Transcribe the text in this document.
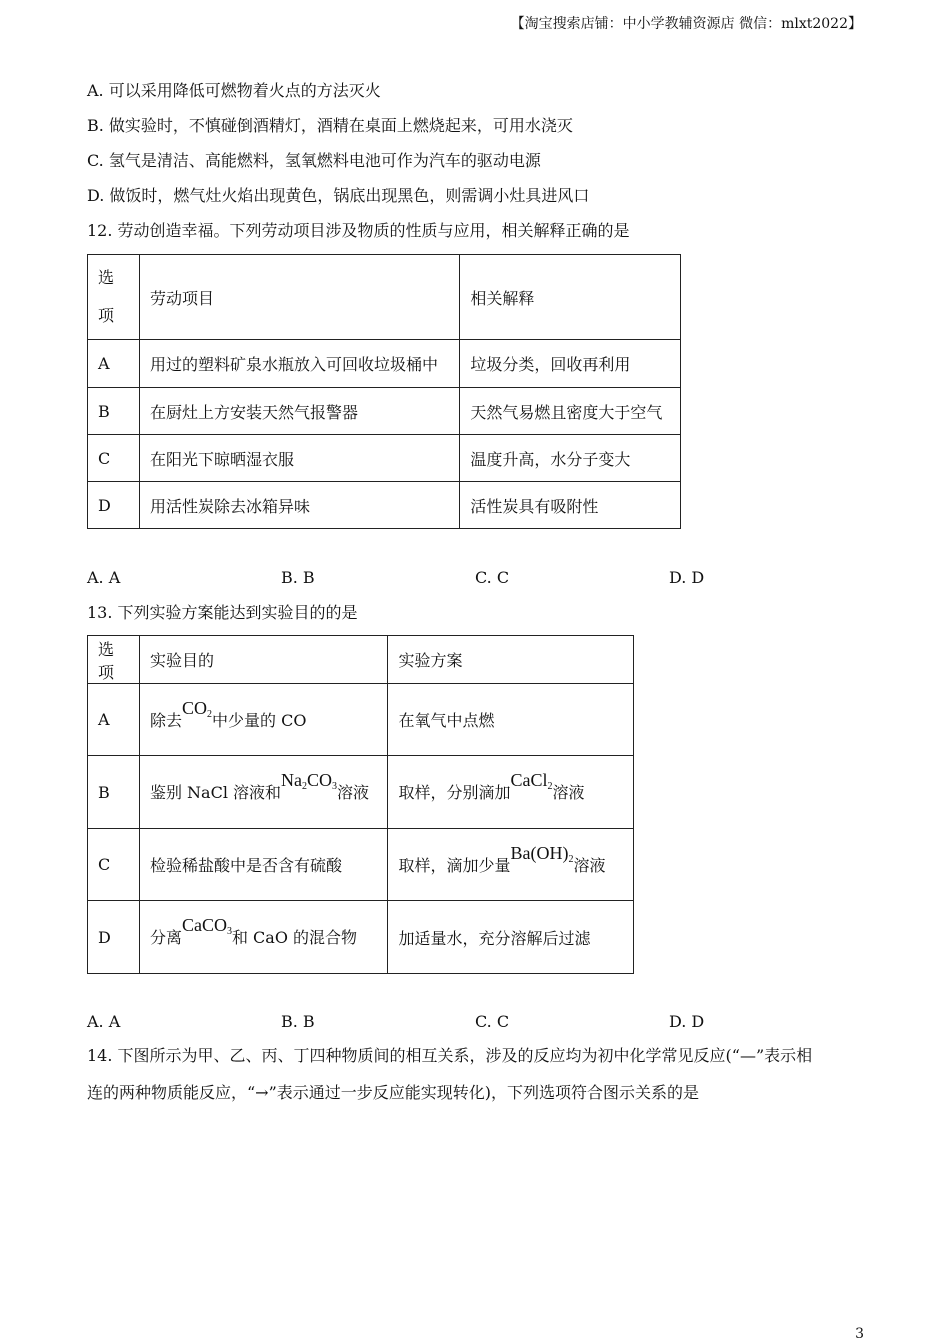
【淘宝搜索店铺：中小学教辅资源店 微信：mlxt2022】
A. 可以采用降低可燃物着火点的方法灭火
B. 做实验时，不慎碰倒酒精灯，酒精在桌面上燃烧起来，可用水浇灭
C. 氢气是清洁、高能燃料，氢氧燃料电池可作为汽车的驱动电源
D. 做饭时，燃气灶火焰出现黄色，锅底出现黑色，则需调小灶具进风口
12. 劳动创造幸福。下列劳动项目涉及物质的性质与应用，相关解释正确的是
选
项	劳动项目	相关解释
A	用过的塑料矿泉水瓶放入可回收垃圾桶中	垃圾分类，回收再利用
B	在厨灶上方安装天然气报警器	天然气易燃且密度大于空气
C	在阳光下晾晒湿衣服	温度升高，水分子变大
D	用活性炭除去冰箱异味	活性炭具有吸附性
A. A	B. B	C. C	D. D
13. 下列实验方案能达到实验目的的是
选项	实验目的	实验方案
A	除去$CO^2$中少量的 CO	在氧气中点燃
B	鉴别 NaCl 溶液和$Na^2CO^3$溶液	取样，分别滴加CaCl$^2$溶液
C	检验稀盐酸中是否含有硫酸	取样，滴加少量Ba(OH)$^2$溶液
D	分离CaCO$^3$和 CaO 的混合物	加适量水，充分溶解后过滤
A. A	B. B	C. C	D. D
14. 下图所示为甲、乙、丙、丁四种物质间的相互关系，涉及的反应均为初中化学常见反应(“—”表示相
连的两种物质能反应，“→”表示通过一步反应能实现转化)，下列选项符合图示关系的是
3
